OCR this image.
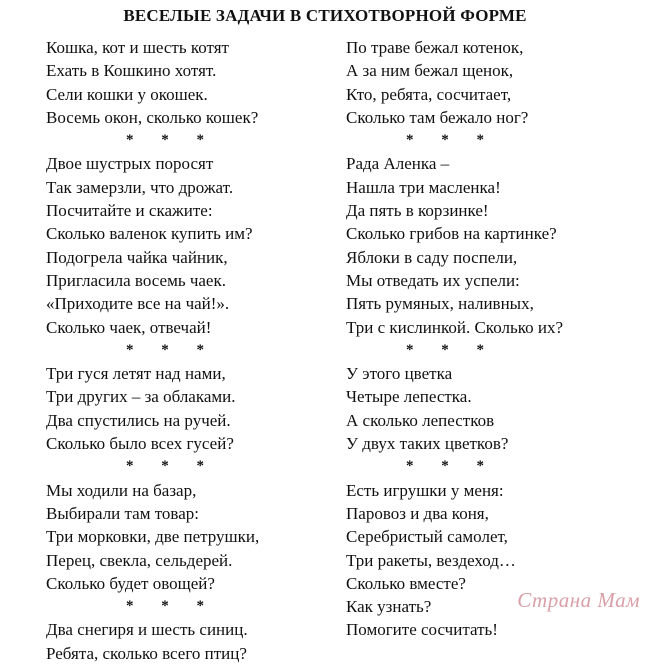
ВЕСЕЛЫЕ ЗАДАЧИ В СТИХОТВОРНОЙ ФОРМЕ
Кошка, кот и шесть котят
Ехать в Кошкино хотят.
Сели кошки у окошек.
Восемь окон, сколько кошек?
* * *
Двое шустрых поросят
Так замерзли, что дрожат.
Посчитайте и скажите:
Сколько валенок купить им?
Подогрела чайка чайник,
Пригласила восемь чаек.
«Приходите все на чай!».
Сколько чаек, отвечай!
* * *
Три гуся летят над нами,
Три других – за облаками.
Два спустились на ручей.
Сколько было всех гусей?
* * *
Мы ходили на базар,
Выбирали там товар:
Три морковки, две петрушки,
Перец, свекла, сельдерей.
Сколько будет овощей?
* * *
Два снегиря и шесть синиц.
Ребята, сколько всего птиц?
По траве бежал котенок,
А за ним бежал щенок,
Кто, ребята, сосчитает,
Сколько там бежало ног?
* * *
Рада Аленка –
Нашла три масленка!
Да пять в корзинке!
Сколько грибов на картинке?
Яблоки в саду поспели,
Мы отведать их успели:
Пять румяных, наливных,
Три с кислинкой. Сколько их?
* * *
У этого цветка
Четыре лепестка.
А сколько лепестков
У двух таких цветков?
* * *
Есть игрушки у меня:
Паровоз и два коня,
Серебристый самолет,
Три ракеты, вездеход…
Сколько вместе?
Как узнать?
Помогите сосчитать!
Страна Мам
